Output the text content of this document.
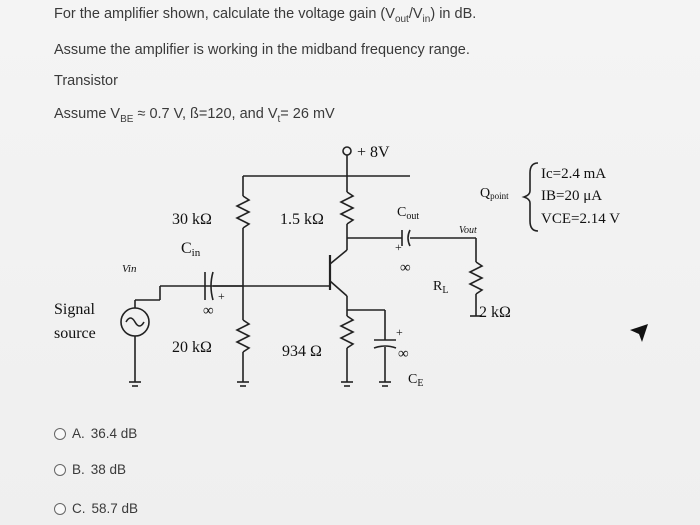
For the amplifier shown, calculate the voltage gain $(V_{out}/V_{in})$ in dB.
Assume the amplifier is working in the midband frequency range.
Transistor
Assume $V_{BE} \approx 0.7$ V, ß=120, and $V_t= 26$ mV
+ 8V
30 kΩ	1.5 kΩ
Cin
$C_{out}$
+
∞
∞
+
+
∞
$C_E$
20 kΩ	934 Ω
Vin
Vout
$R_L$
2 kΩ
Signal
source
Qpoint
Ic=2.4 mA
IB=20 μA
VCE=2.14 V
A. 36.4 dB
B. 38 dB
C. 58.7 dB
